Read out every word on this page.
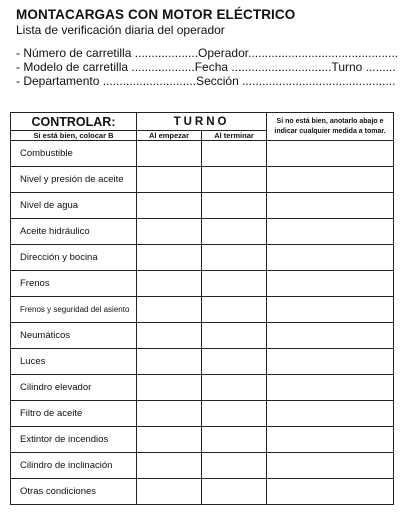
MONTACARGAS CON MOTOR ELÉCTRICO
Lista de verificación diaria del operador
- Número de carretilla ...................Operador.............................................
- Modelo de carretilla ...................Fecha ..............................Turno .........
- Departamento ............................Sección ..............................................
CONTROLAR:	TURNO		Si no está bien, anotarlo abajo e indicar cualquier medida a tomar.
Si está bien, colocar B	Al empezar	Al terminar	
Combustible			
Nivel y presión de aceite			
Nivel de agua			
Aceite hidráulico			
Dirección y bocina			
Frenos			
Frenos y seguridad del asiento			
Neumáticos			
Luces			
Cilindro elevador			
Filtro de aceite			
Extintor de incendios			
Cilindro de inclinación			
Otras condiciones			
